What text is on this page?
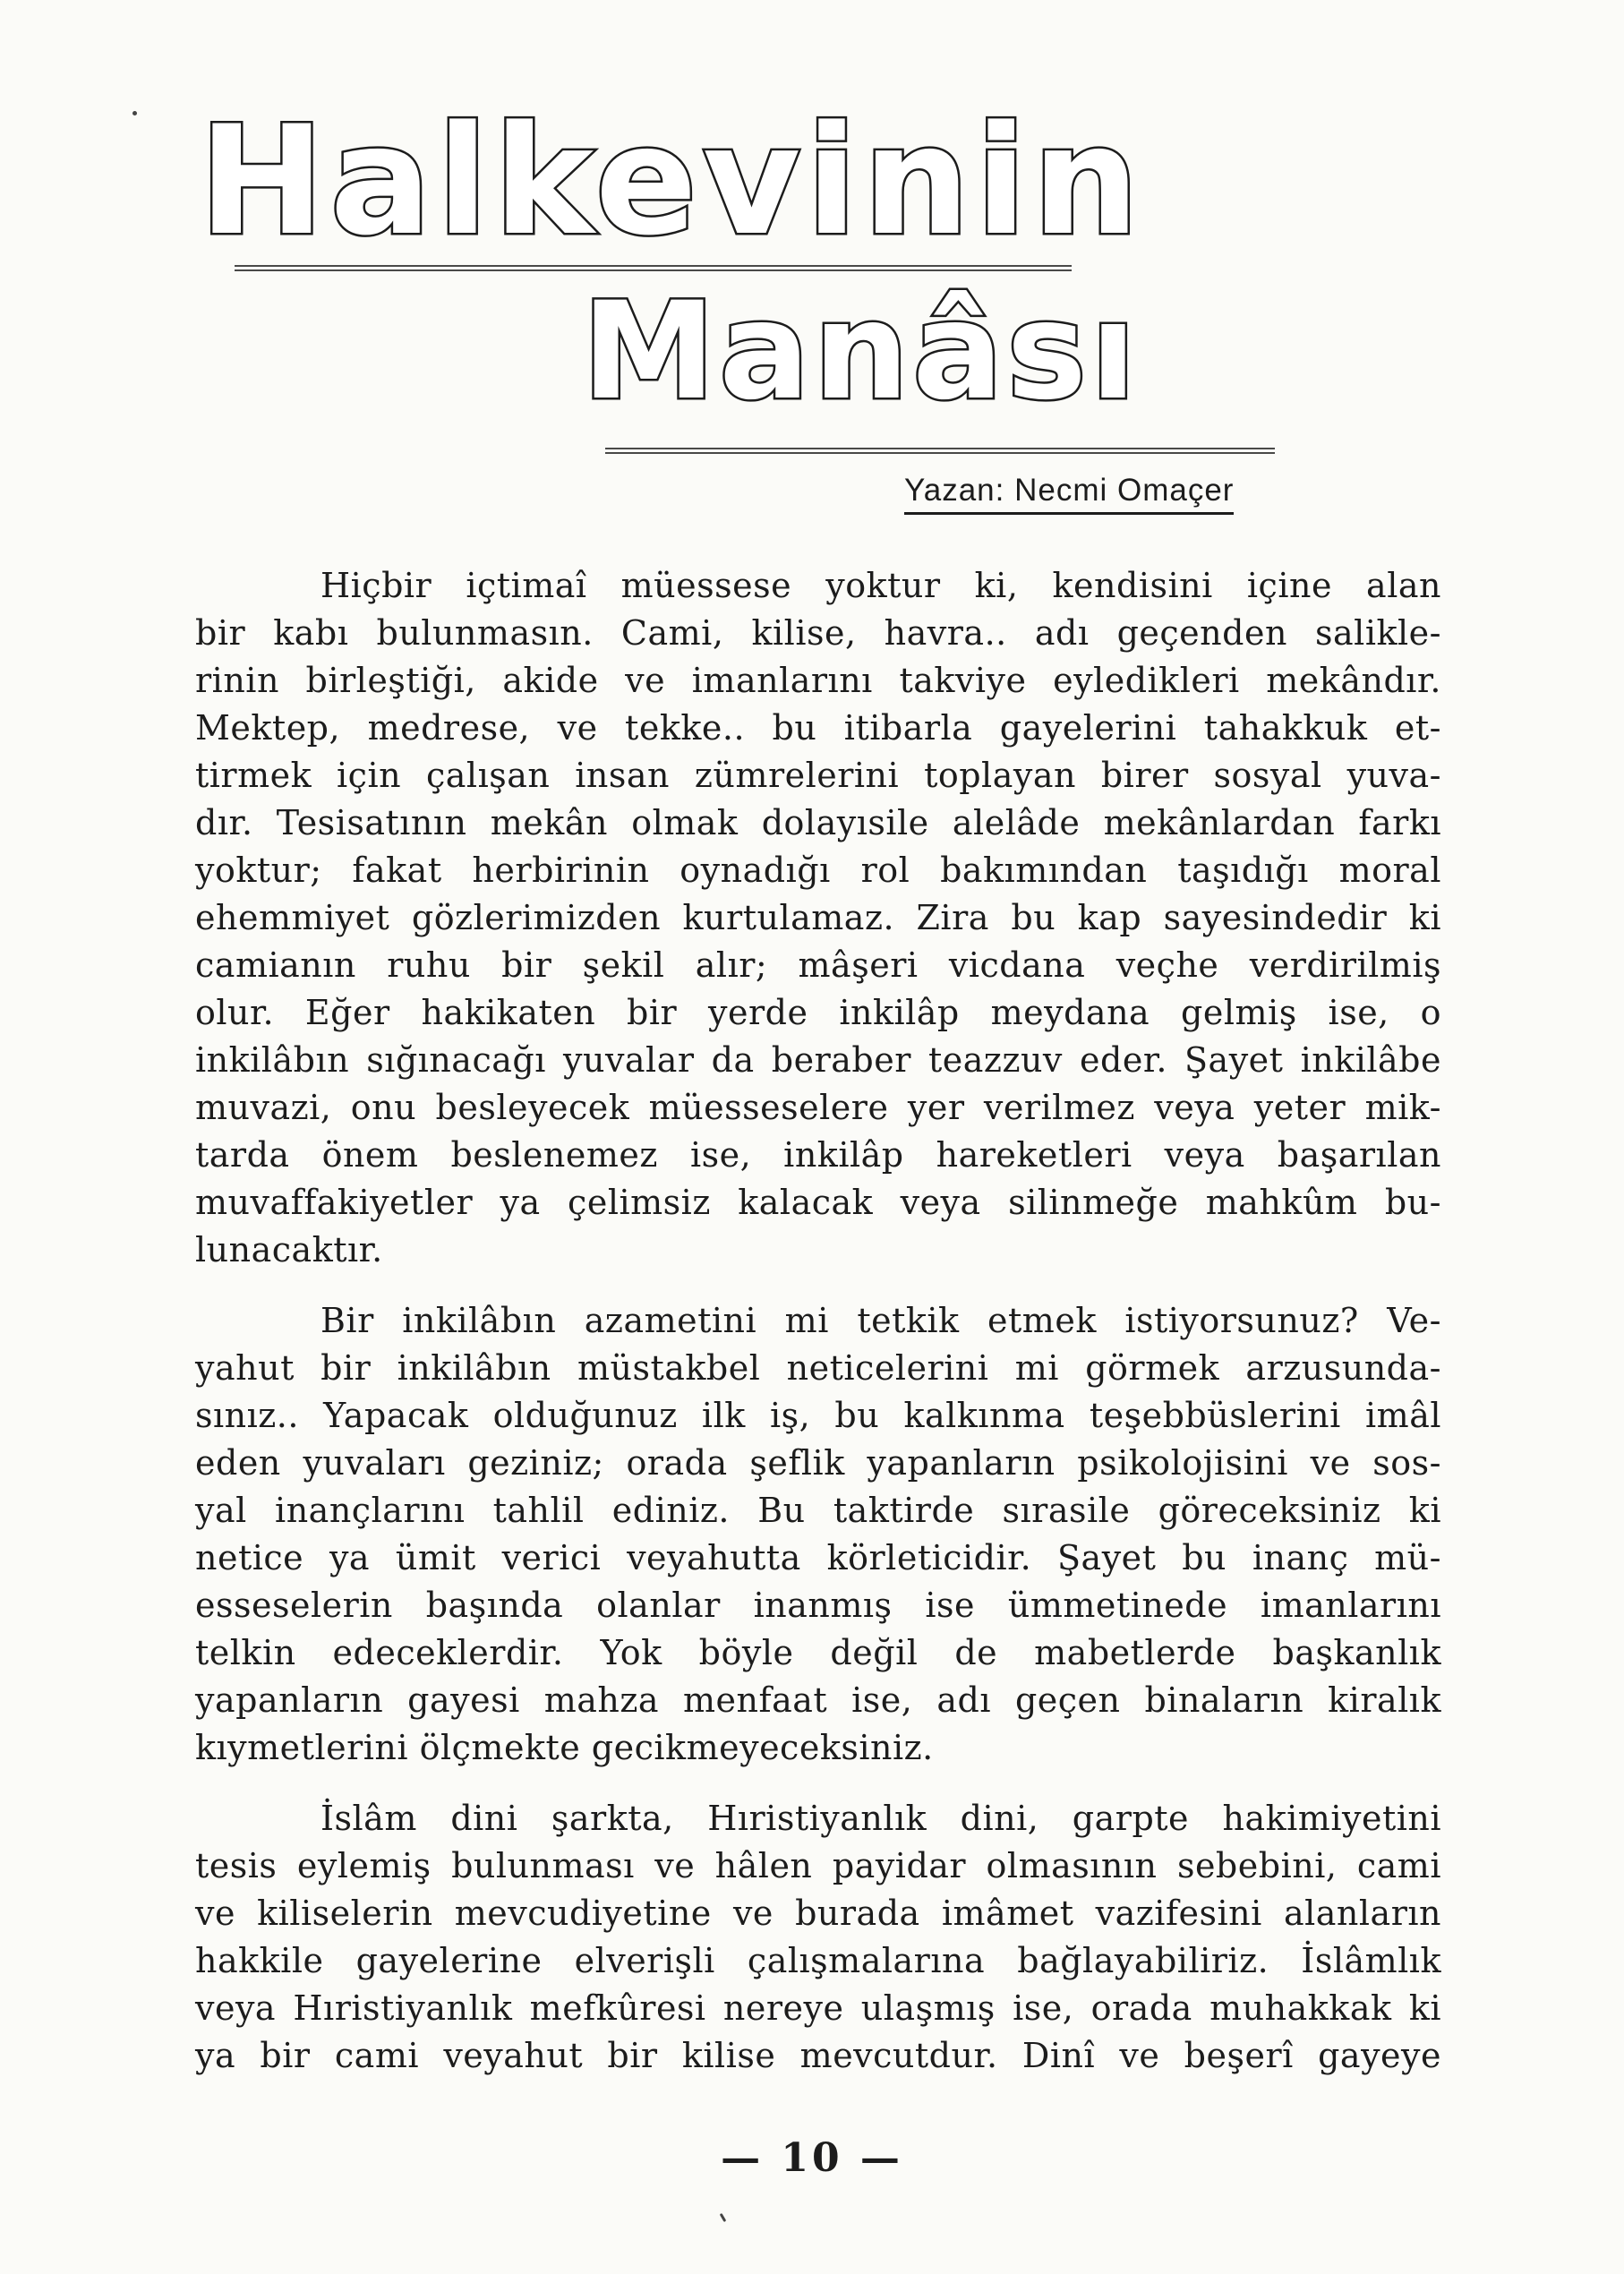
Halkevinin
Manâsı
Yazan: Necmi Omaçer
Hiçbir içtimaî müessese yoktur ki, kendisini içine alan
bir kabı bulunmasın. Cami, kilise, havra.. adı geçenden salikle-
rinin birleştiği, akide ve imanlarını takviye eyledikleri mekândır.
Mektep, medrese, ve tekke.. bu itibarla gayelerini tahakkuk et-
tirmek için çalışan insan zümrelerini toplayan birer sosyal yuva-
dır. Tesisatının mekân olmak dolayısile alelâde mekânlardan farkı
yoktur; fakat herbirinin oynadığı rol bakımından taşıdığı moral
ehemmiyet gözlerimizden kurtulamaz. Zira bu kap sayesindedir ki
camianın ruhu bir şekil alır; mâşeri vicdana veçhe verdirilmiş
olur. Eğer hakikaten bir yerde inkilâp meydana gelmiş ise, o
inkilâbın sığınacağı yuvalar da beraber teazzuv eder. Şayet inkilâbe
muvazi, onu besleyecek müesseselere yer verilmez veya yeter mik-
tarda önem beslenemez ise, inkilâp hareketleri veya başarılan
muvaffakiyetler ya çelimsiz kalacak veya silinmeğe mahkûm bu-
lunacaktır.
Bir inkilâbın azametini mi tetkik etmek istiyorsunuz? Ve-
yahut bir inkilâbın müstakbel neticelerini mi görmek arzusunda-
sınız.. Yapacak olduğunuz ilk iş, bu kalkınma teşebbüslerini imâl
eden yuvaları geziniz; orada şeflik yapanların psikolojisini ve sos-
yal inançlarını tahlil ediniz. Bu taktirde sırasile göreceksiniz ki
netice ya ümit verici veyahutta körleticidir. Şayet bu inanç mü-
esseselerin başında olanlar inanmış ise ümmetinede imanlarını
telkin edeceklerdir. Yok böyle değil de mabetlerde başkanlık
yapanların gayesi mahza menfaat ise, adı geçen binaların kiralık
kıymetlerini ölçmekte gecikmeyeceksiniz.
İslâm dini şarkta, Hıristiyanlık dini, garpte hakimiyetini
tesis eylemiş bulunması ve hâlen payidar olmasının sebebini, cami
ve kiliselerin mevcudiyetine ve burada imâmet vazifesini alanların
hakkile gayelerine elverişli çalışmalarına bağlayabiliriz. İslâmlık
veya Hıristiyanlık mefkûresi nereye ulaşmış ise, orada muhakkak ki
ya bir cami veyahut bir kilise mevcutdur. Dinî ve beşerî gayeye
— 10 —
